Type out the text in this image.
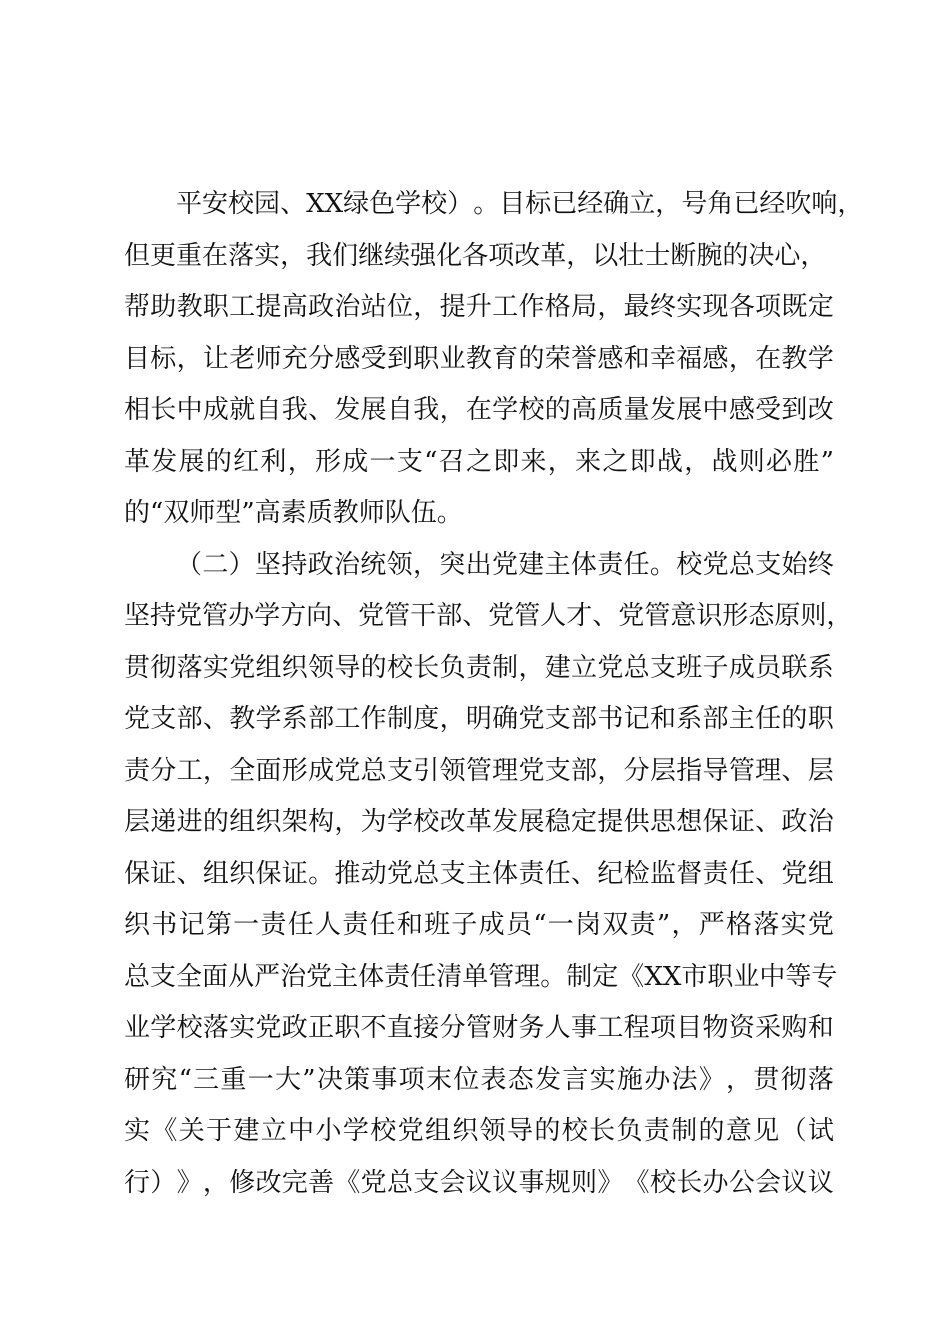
平 安 校 园 、 XX 绿 色 学 校 ） 。 目 标 已 经 确 立 ， 号 角 已 经 吹 响 ，
但 更 重 在 落 实 ， 我 们 继 续 强 化 各 项 改 革 ， 以 壮 士 断 腕 的 决 心 ，
帮 助 教 职 工 提 高 政 治 站 位 ， 提 升 工 作 格 局 ， 最 终 实 现 各 项 既 定
目 标 ， 让 老 师 充 分 感 受 到 职 业 教 育 的 荣 誉 感 和 幸 福 感 ， 在 教 学
相 长 中 成 就 自 我 、 发 展 自 我 ， 在 学 校 的 高 质 量 发 展 中 感 受 到 改
革 发 展 的 红 利 ， 形 成 一 支 “ 召 之 即 来 ， 来 之 即 战 ， 战 则 必 胜 ”
的 “ 双 师 型 ” 高 素 质 教 师 队 伍 。
（ 二 ） 坚 持 政 治 统 领 ， 突 出 党 建 主 体 责 任 。 校 党 总 支 始 终
坚 持 党 管 办 学 方 向 、 党 管 干 部 、 党 管 人 才 、 党 管 意 识 形 态 原 则 ，
贯 彻 落 实 党 组 织 领 导 的 校 长 负 责 制 ， 建 立 党 总 支 班 子 成 员 联 系
党 支 部 、 教 学 系 部 工 作 制 度 ， 明 确 党 支 部 书 记 和 系 部 主 任 的 职
责 分 工 ， 全 面 形 成 党 总 支 引 领 管 理 党 支 部 ， 分 层 指 导 管 理 、 层
层 递 进 的 组 织 架 构 ， 为 学 校 改 革 发 展 稳 定 提 供 思 想 保 证 、 政 治
保 证 、 组 织 保 证 。 推 动 党 总 支 主 体 责 任 、 纪 检 监 督 责 任 、 党 组
织 书 记 第 一 责 任 人 责 任 和 班 子 成 员 “ 一 岗 双 责 ” ， 严 格 落 实 党
总 支 全 面 从 严 治 党 主 体 责 任 清 单 管 理 。 制 定 《 XX 市 职 业 中 等 专
业 学 校 落 实 党 政 正 职 不 直 接 分 管 财 务 人 事 工 程 项 目 物 资 采 购 和
研 究 “ 三 重 一 大 ” 决 策 事 项 末 位 表 态 发 言 实 施 办 法 》 ， 贯 彻 落
实 《 关 于 建 立 中 小 学 校 党 组 织 领 导 的 校 长 负 责 制 的 意 见 （ 试
行 ） 》 ， 修 改 完 善 《 党 总 支 会 议 议 事 规 则 》 《 校 长 办 公 会 议 议
